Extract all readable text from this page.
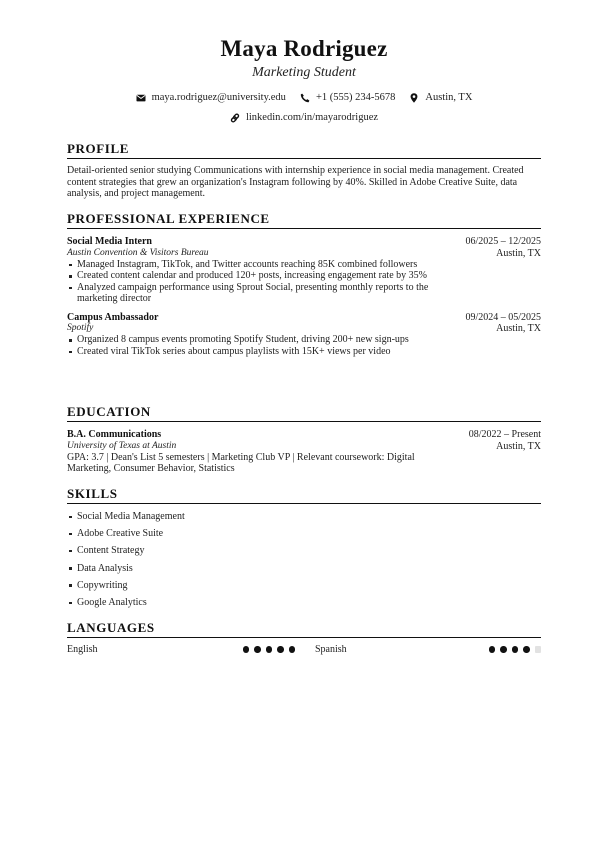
Maya Rodriguez
Marketing Student
maya.rodriguez@university.edu	+1 (555) 234-5678	Austin, TX
linkedin.com/in/mayarodriguez
PROFILE
Detail-oriented senior studying Communications with internship experience in social media management. Created content strategies that grew an organization's Instagram following by 40%. Skilled in Adobe Creative Suite, data analysis, and project management.
PROFESSIONAL EXPERIENCE
Social Media Intern
Austin Convention & Visitors Bureau
06/2025 – 12/2025
Austin, TX
Managed Instagram, TikTok, and Twitter accounts reaching 85K combined followers
Created content calendar and produced 120+ posts, increasing engagement rate by 35%
Analyzed campaign performance using Sprout Social, presenting monthly reports to the marketing director
Campus Ambassador
Spotify
09/2024 – 05/2025
Austin, TX
Organized 8 campus events promoting Spotify Student, driving 200+ new sign-ups
Created viral TikTok series about campus playlists with 15K+ views per video
EDUCATION
B.A. Communications
University of Texas at Austin
08/2022 – Present
Austin, TX
GPA: 3.7 | Dean's List 5 semesters | Marketing Club VP | Relevant coursework: Digital Marketing, Consumer Behavior, Statistics
SKILLS
Social Media Management
Adobe Creative Suite
Content Strategy
Data Analysis
Copywriting
Google Analytics
LANGUAGES
English	Spanish
